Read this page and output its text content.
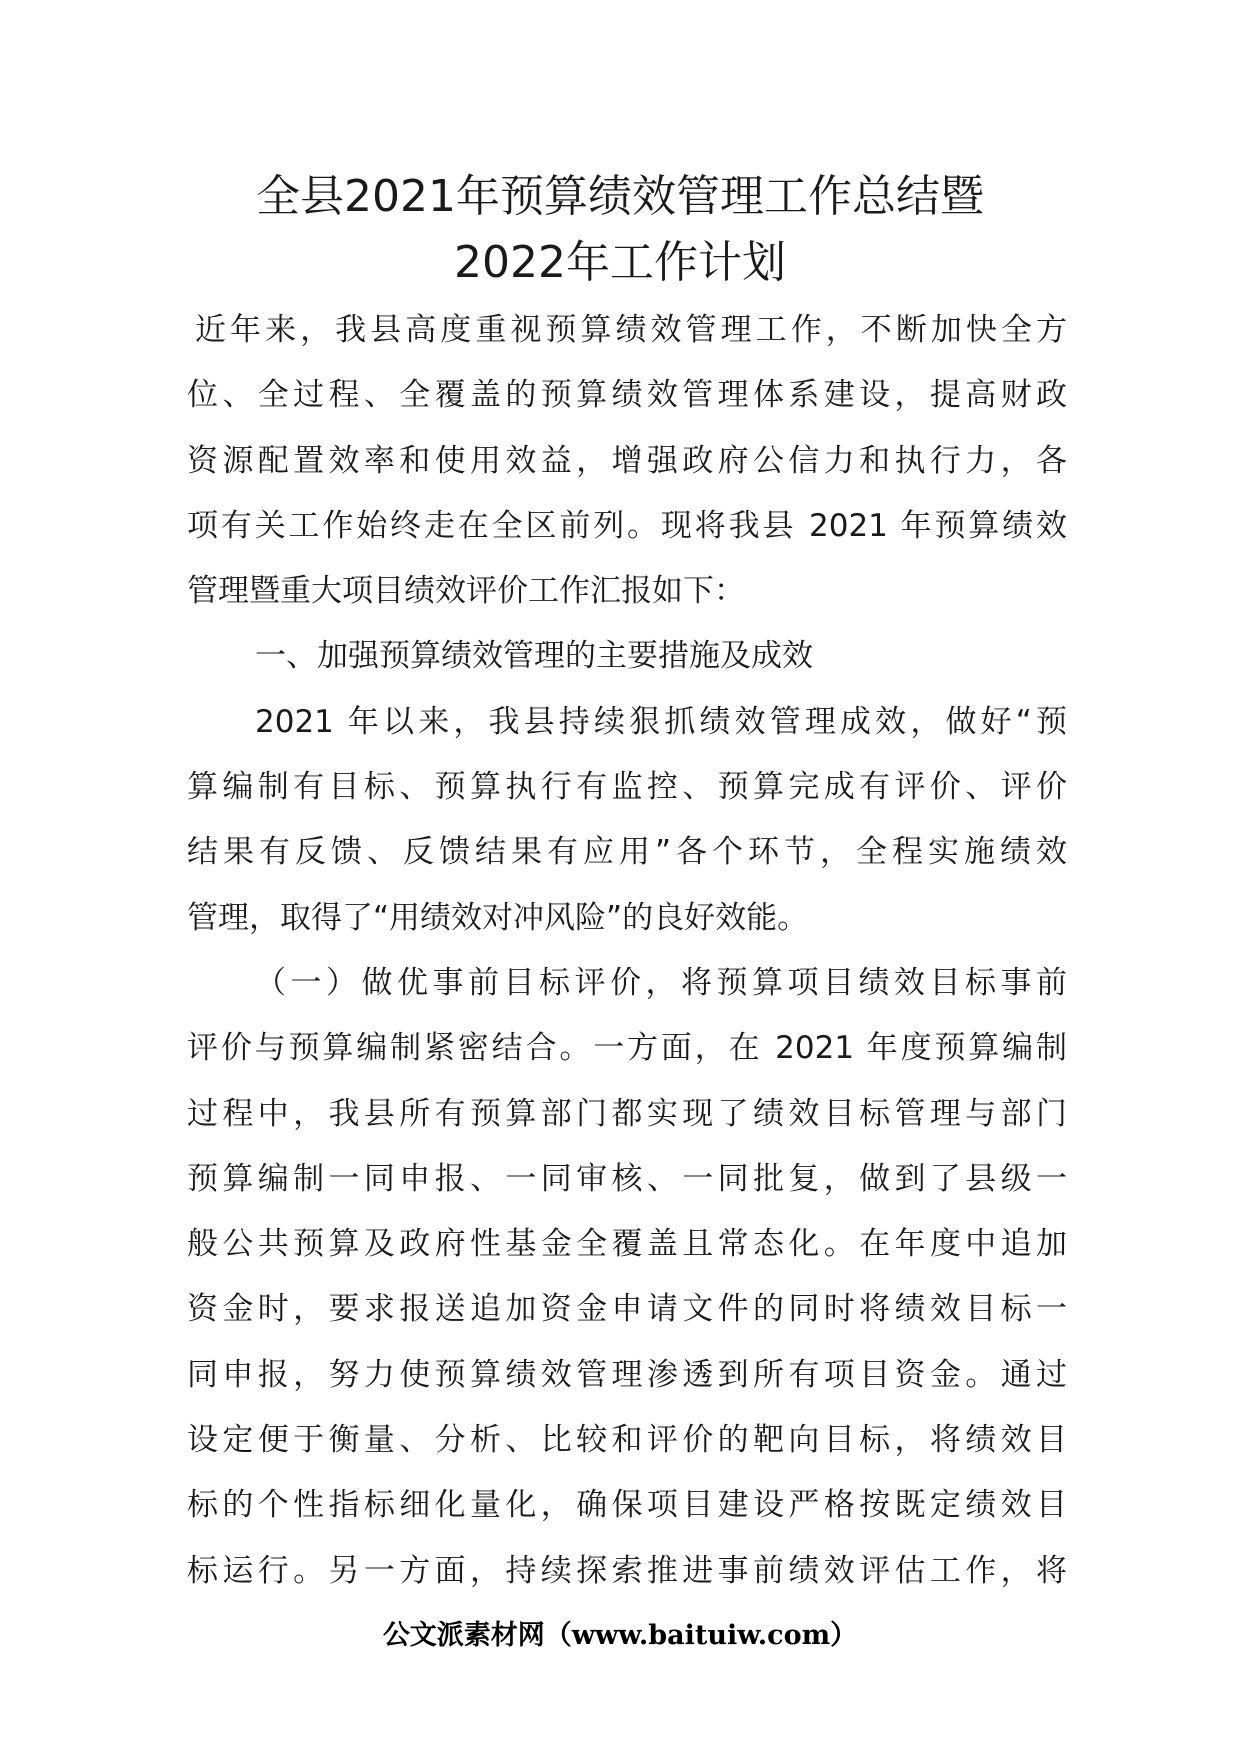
全县2021年预算绩效管理工作总结暨
2022年工作计划
近年来，我县高度重视预算绩效管理工作，不断加快全方
位、全过程、全覆盖的预算绩效管理体系建设，提高财政
资源配置效率和使用效益，增强政府公信力和执行力，各
项有关工作始终走在全区前列。现将我县 2021 年预算绩效
管理暨重大项目绩效评价工作汇报如下：
一、加强预算绩效管理的主要措施及成效
2021 年以来，我县持续狠抓绩效管理成效，做好“预
算编制有目标、预算执行有监控、预算完成有评价、评价
结果有反馈、反馈结果有应用”各个环节，全程实施绩效
管理，取得了“用绩效对冲风险”的良好效能。
（一）做优事前目标评价，将预算项目绩效目标事前
评价与预算编制紧密结合。一方面，在 2021 年度预算编制
过程中，我县所有预算部门都实现了绩效目标管理与部门
预算编制一同申报、一同审核、一同批复，做到了县级一
般公共预算及政府性基金全覆盖且常态化。在年度中追加
资金时，要求报送追加资金申请文件的同时将绩效目标一
同申报，努力使预算绩效管理渗透到所有项目资金。通过
设定便于衡量、分析、比较和评价的靶向目标，将绩效目
标的个性指标细化量化，确保项目建设严格按既定绩效目
标运行。另一方面，持续探索推进事前绩效评估工作，将
公文派素材网（www.baituiw.com）
